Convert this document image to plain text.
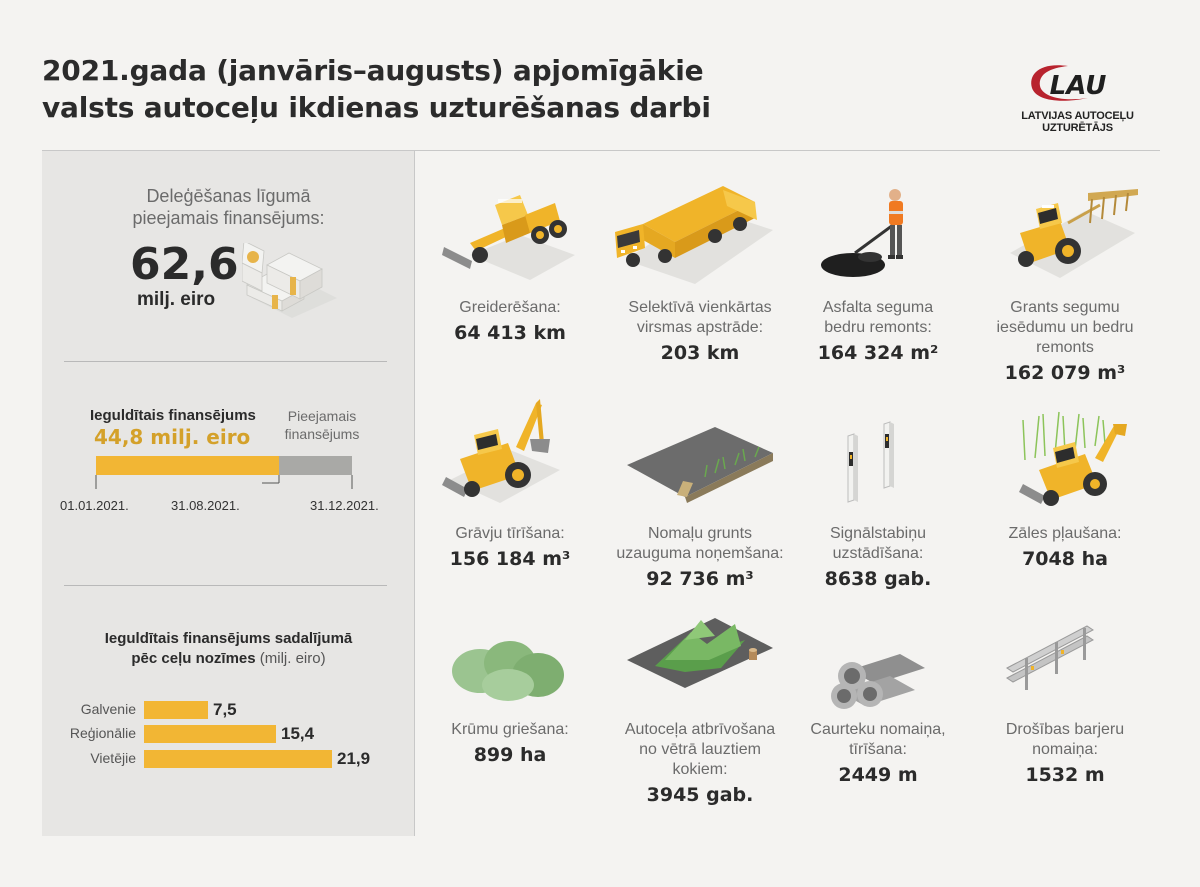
2021.gada (janvāris–augusts) apjomīgākie
valsts autoceļu ikdienas uzturēšanas darbi
LAU
LATVIJAS AUTOCEĻU UZTURĒTĀJS
Deleģēšanas līgumā
pieejamais finansējums:
62,6
milj. eiro
Ieguldītais finansējums
44,8 milj. eiro
Pieejamais
finansējums
01.01.2021.	31.08.2021.	31.12.2021.
Ieguldītais finansējums sadalījumā
pēc ceļu nozīmes (milj. eiro)
Galvenie	7,5
Reģionālie	15,4
Vietējie	21,9
Greiderēšana:
64 413 km
Selektīvā vienkārtas
virsmas apstrāde:
203 km
Asfalta seguma
bedru remonts:
164 324 m²
Grants segumu
iesēdumu un bedru
remonts
162 079 m³
Grāvju tīrīšana:
156 184 m³
Nomaļu grunts
uzauguma noņemšana:
92 736 m³
Signālstabiņu
uzstādīšana:
8638 gab.
Zāles pļaušana:
7048 ha
Krūmu griešana:
899 ha
Autoceļa atbrīvošana
no vētrā lauztiem
kokiem:
3945 gab.
Caurteku nomaiņa,
tīrīšana:
2449 m
Drošības barjeru
nomaiņa:
1532 m
